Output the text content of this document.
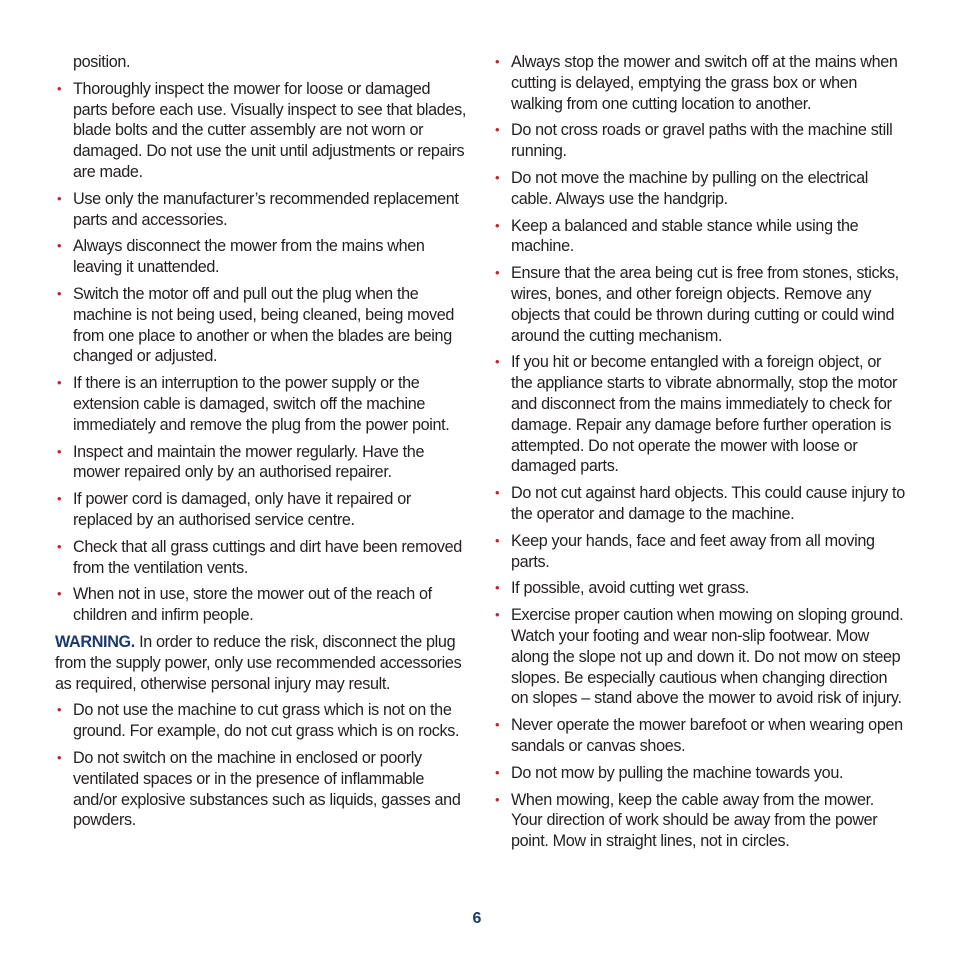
position.

• Thoroughly inspect the mower for loose or damaged parts before each use. Visually inspect to see that blades, blade bolts and the cutter assembly are not worn or damaged. Do not use the unit until adjustments or repairs are made.
• Use only the manufacturer’s recommended replacement parts and accessories.
• Always disconnect the mower from the mains when leaving it unattended.
• Switch the motor off and pull out the plug when the machine is not being used, being cleaned, being moved from one place to another or when the blades are being changed or adjusted.
• If there is an interruption to the power supply or the extension cable is damaged, switch off the machine immediately and remove the plug from the power point.
• Inspect and maintain the mower regularly. Have the mower repaired only by an authorised repairer.
• If power cord is damaged, only have it repaired or replaced by an authorised service centre.
• Check that all grass cuttings and dirt have been removed from the ventilation vents.
• When not in use, store the mower out of the reach of children and infirm people.

WARNING. In order to reduce the risk, disconnect the plug from the supply power, only use recommended accessories as required, otherwise personal injury may result.

• Do not use the machine to cut grass which is not on the ground. For example, do not cut grass which is on rocks.
• Do not switch on the machine in enclosed or poorly ventilated spaces or in the presence of inflammable and/or explosive substances such as liquids, gasses and powders.
• Always stop the mower and switch off at the mains when cutting is delayed, emptying the grass box or when walking from one cutting location to another.
• Do not cross roads or gravel paths with the machine still running.
• Do not move the machine by pulling on the electrical cable. Always use the handgrip.
• Keep a balanced and stable stance while using the machine.
• Ensure that the area being cut is free from stones, sticks, wires, bones, and other foreign objects. Remove any objects that could be thrown during cutting or could wind around the cutting mechanism.
• If you hit or become entangled with a foreign object, or the appliance starts to vibrate abnormally, stop the motor and disconnect from the mains immediately to check for damage. Repair any damage before further operation is attempted. Do not operate the mower with loose or damaged parts.
• Do not cut against hard objects. This could cause injury to the operator and damage to the machine.
• Keep your hands, face and feet away from all moving parts.
• If possible, avoid cutting wet grass.
• Exercise proper caution when mowing on sloping ground. Watch your footing and wear non-slip footwear. Mow along the slope not up and down it. Do not mow on steep slopes. Be especially cautious when changing direction on slopes – stand above the mower to avoid risk of injury.
• Never operate the mower barefoot or when wearing open sandals or canvas shoes.
• Do not mow by pulling the machine towards you.
• When mowing, keep the cable away from the mower. Your direction of work should be away from the power point. Mow in straight lines, not in circles.
6
